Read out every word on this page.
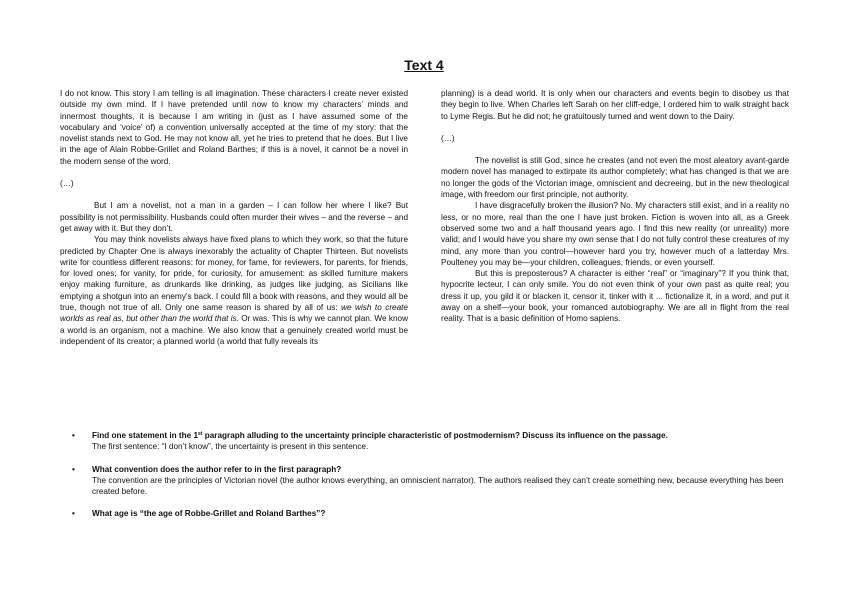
Text 4

I do not know. This story I am telling is all imagination. These characters I create never existed outside my own mind. If I have pretended until now to know my characters’ minds and innermost thoughts, it is because I am writing in (just as I have assumed some of the vocabulary and ‘voice’ of) a convention universally accepted at the time of my story: that the novelist stands next to God. He may not know all, yet he tries to pretend that he does. But I live in the age of Alain Robbe-Grillet and Roland Barthes; if this is a novel, it cannot be a novel in the modern sense of the word.

(…)

But I am a novelist, not a man in a garden – I can follow her where I like? But possibility is not permissibility. Husbands could often murder their wives – and the reverse – and get away with it. But they don’t.

You may think novelists always have fixed plans to which they work, so that the future predicted by Chapter One is always inexorably the actuality of Chapter Thirteen. But novelists write for countless different reasons: for money, for fame, for reviewers, for parents, for friends, for loved ones; for vanity, for pride, for curiosity, for amusement: as skilled furniture makers enjoy making furniture, as drunkards like drinking, as judges like judging, as Sicilians like emptying a shotgun into an enemy’s back. I could fill a book with reasons, and they would all be true, though not true of all. Only one same reason is shared by all of us: we wish to create worlds as real as, but other than the world that is. Or was. This is why we cannot plan. We know a world is an organism, not a machine. We also know that a genuinely created world must be independent of its creator; a planned world (a world that fully reveals its

planning) is a dead world. It is only when our characters and events begin to disobey us that they begin to live. When Charles left Sarah on her cliff-edge, I ordered him to walk straight back to Lyme Regis. But he did not; he gratuitously turned and went down to the Dairy.

(…)

The novelist is still God, since he creates (and not even the most aleatory avant-garde modern novel has managed to extirpate its author completely; what has changed is that we are no longer the gods of the Victorian image, omniscient and decreeing, but in the new theological image, with freedom our first principle, not authority.

I have disgracefully broken the illusion? No. My characters still exist, and in a reality no less, or no more, real than the one I have just broken. Fiction is woven into all, as a Greek observed some two and a half thousand years ago. I find this new reality (or unreality) more valid; and I would have you share my own sense that I do not fully control these creatures of my mind, any more than you control—however hard you try, however much of a latterday Mrs. Poulteney you may be—your children, colleagues, friends, or even yourself.

But this is preposterous? A character is either “real” or “imaginary”? If you think that, hypocrite lecteur, I can only smile. You do not even think of your own past as quite real; you dress it up, you gild it or blacken it, censor it, tinker with it ... fictionalize it, in a word, and put it away on a shelf—your book, your romanced autobiography. We are all in flight from the real reality. That is a basic definition of Homo sapiens.

• Find one statement in the 1st paragraph alluding to the uncertainty principle characteristic of postmodernism? Discuss its influence on the passage.

The first sentence: “I don’t know”, the uncertainty is present in this sentence.

• What convention does the author refer to in the first paragraph?

The convention are the principles of Victorian novel (the author knows everything, an omniscient narrator). The authors realised they can’t create something new, because everything has been created before.

• What age is “the age of Robbe-Grillet and Roland Barthes”?
